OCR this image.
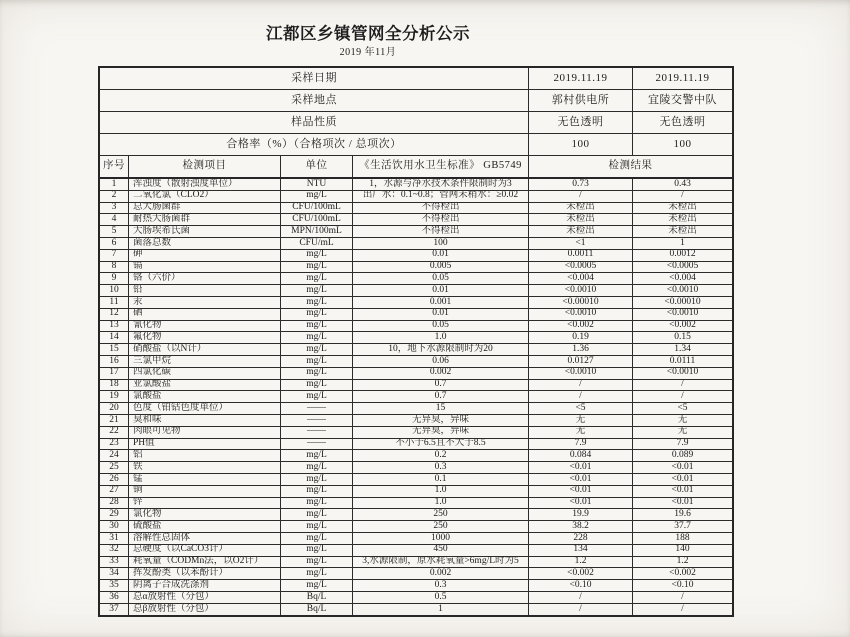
江都区乡镇管网全分析公示
2019 年11月
采样日期	2019.11.19	2019.11.19
采样地点	郭村供电所	宜陵交警中队
样品性质	无色透明	无色透明
合格率（%）（合格项次 / 总项次）	100	100
序号	检测项目	单位	《生活饮用水卫生标准》 GB5749	检测结果
1	浑浊度（散射浊度单位）	NTU	1，水源与净水技术条件限制时为3	0.73	0.43
2	二氧化氯（CLO2）	mg/L	出厂水：0.1~0.8；管网末稍水：≥0.02	/	/
3	总大肠菌群	CFU/100mL	不得检出	未检出	未检出
4	耐热大肠菌群	CFU/100mL	不得检出	未检出	未检出
5	大肠埃希氏菌	MPN/100mL	不得检出	未检出	未检出
6	菌落总数	CFU/mL	100	<1	1
7	砷	mg/L	0.01	0.0011	0.0012
8	镉	mg/L	0.005	<0.0005	<0.0005
9	铬（六价）	mg/L	0.05	<0.004	<0.004
10	铅	mg/L	0.01	<0.0010	<0.0010
11	汞	mg/L	0.001	<0.00010	<0.00010
12	硒	mg/L	0.01	<0.0010	<0.0010
13	氰化物	mg/L	0.05	<0.002	<0.002
14	氟化物	mg/L	1.0	0.19	0.15
15	硝酸盐（以N计）	mg/L	10，地下水源限制时为20	1.36	1.34
16	三氯甲烷	mg/L	0.06	0.0127	0.0111
17	四氯化碳	mg/L	0.002	<0.0010	<0.0010
18	亚氯酸盐	mg/L	0.7	/	/
19	氯酸盐	mg/L	0.7	/	/
20	色度（铂钴色度单位）	——	15	<5	<5
21	臭和味	——	无异臭，异味	无	无
22	肉眼可见物	——	无异臭，异味	无	无
23	PH值	——	不小于6.5且不大于8.5	7.9	7.9
24	铝	mg/L	0.2	0.084	0.089
25	铁	mg/L	0.3	<0.01	<0.01
26	锰	mg/L	0.1	<0.01	<0.01
27	铜	mg/L	1.0	<0.01	<0.01
28	锌	mg/L	1.0	<0.01	<0.01
29	氯化物	mg/L	250	19.9	19.6
30	硫酸盐	mg/L	250	38.2	37.7
31	溶解性总固体	mg/L	1000	228	188
32	总硬度（以CaCO3计）	mg/L	450	134	140
33	耗氧量（CODMn法，以O2计）	mg/L	3,水源限制，原水耗氧量>6mg/L时为5	1.2	1.2
34	挥发酚类（以苯酚计）	mg/L	0.002	<0.002	<0.002
35	阴离子合成洗涤剂	mg/L	0.3	<0.10	<0.10
36	总α放射性（分包）	Bq/L	0.5	/	/
37	总β放射性（分包）	Bq/L	1	/	/
